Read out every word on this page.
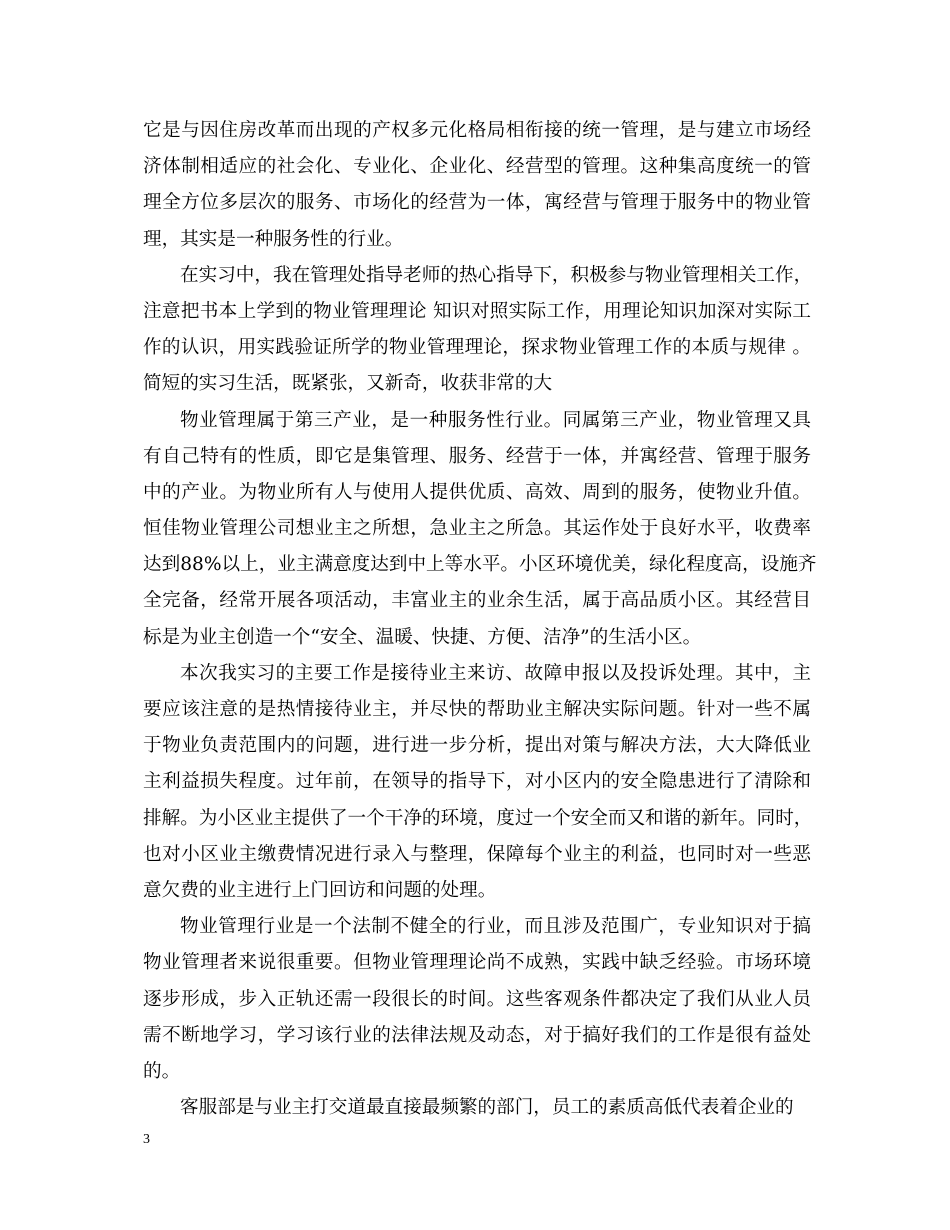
它是与因住房改革而出现的产权多元化格局相衔接的统一管理，是与建立市场经
济体制相适应的社会化、专业化、企业化、经营型的管理。这种集高度统一的管
理全方位多层次的服务、市场化的经营为一体，寓经营与管理于服务中的物业管
理，其实是一种服务性的行业。
在实习中，我在管理处指导老师的热心指导下，积极参与物业管理相关工作，
注意把书本上学到的物业管理理论 知识对照实际工作，用理论知识加深对实际工
作的认识，用实践验证所学的物业管理理论，探求物业管理工作的本质与规律 。
简短的实习生活，既紧张，又新奇，收获非常的大
物业管理属于第三产业，是一种服务性行业。同属第三产业，物业管理又具
有自己特有的性质，即它是集管理、服务、经营于一体，并寓经营、管理于服务
中的产业。为物业所有人与使用人提供优质、高效、周到的服务，使物业升值。
恒佳物业管理公司想业主之所想，急业主之所急。其运作处于良好水平，收费率
达到88%以上，业主满意度达到中上等水平。小区环境优美，绿化程度高，设施齐
全完备，经常开展各项活动，丰富业主的业余生活，属于高品质小区。其经营目
标是为业主创造一个“安全、温暖、快捷、方便、洁净”的生活小区。
本次我实习的主要工作是接待业主来访、故障申报以及投诉处理。其中，主
要应该注意的是热情接待业主，并尽快的帮助业主解决实际问题。针对一些不属
于物业负责范围内的问题，进行进一步分析，提出对策与解决方法，大大降低业
主利益损失程度。过年前，在领导的指导下，对小区内的安全隐患进行了清除和
排解。为小区业主提供了一个干净的环境，度过一个安全而又和谐的新年。同时，
也对小区业主缴费情况进行录入与整理，保障每个业主的利益，也同时对一些恶
意欠费的业主进行上门回访和问题的处理。
物业管理行业是一个法制不健全的行业，而且涉及范围广，专业知识对于搞
物业管理者来说很重要。但物业管理理论尚不成熟，实践中缺乏经验。市场环境
逐步形成，步入正轨还需一段很长的时间。这些客观条件都决定了我们从业人员
需不断地学习，学习该行业的法律法规及动态，对于搞好我们的工作是很有益处
的。
客服部是与业主打交道最直接最频繁的部门，员工的素质高低代表着企业的
3
